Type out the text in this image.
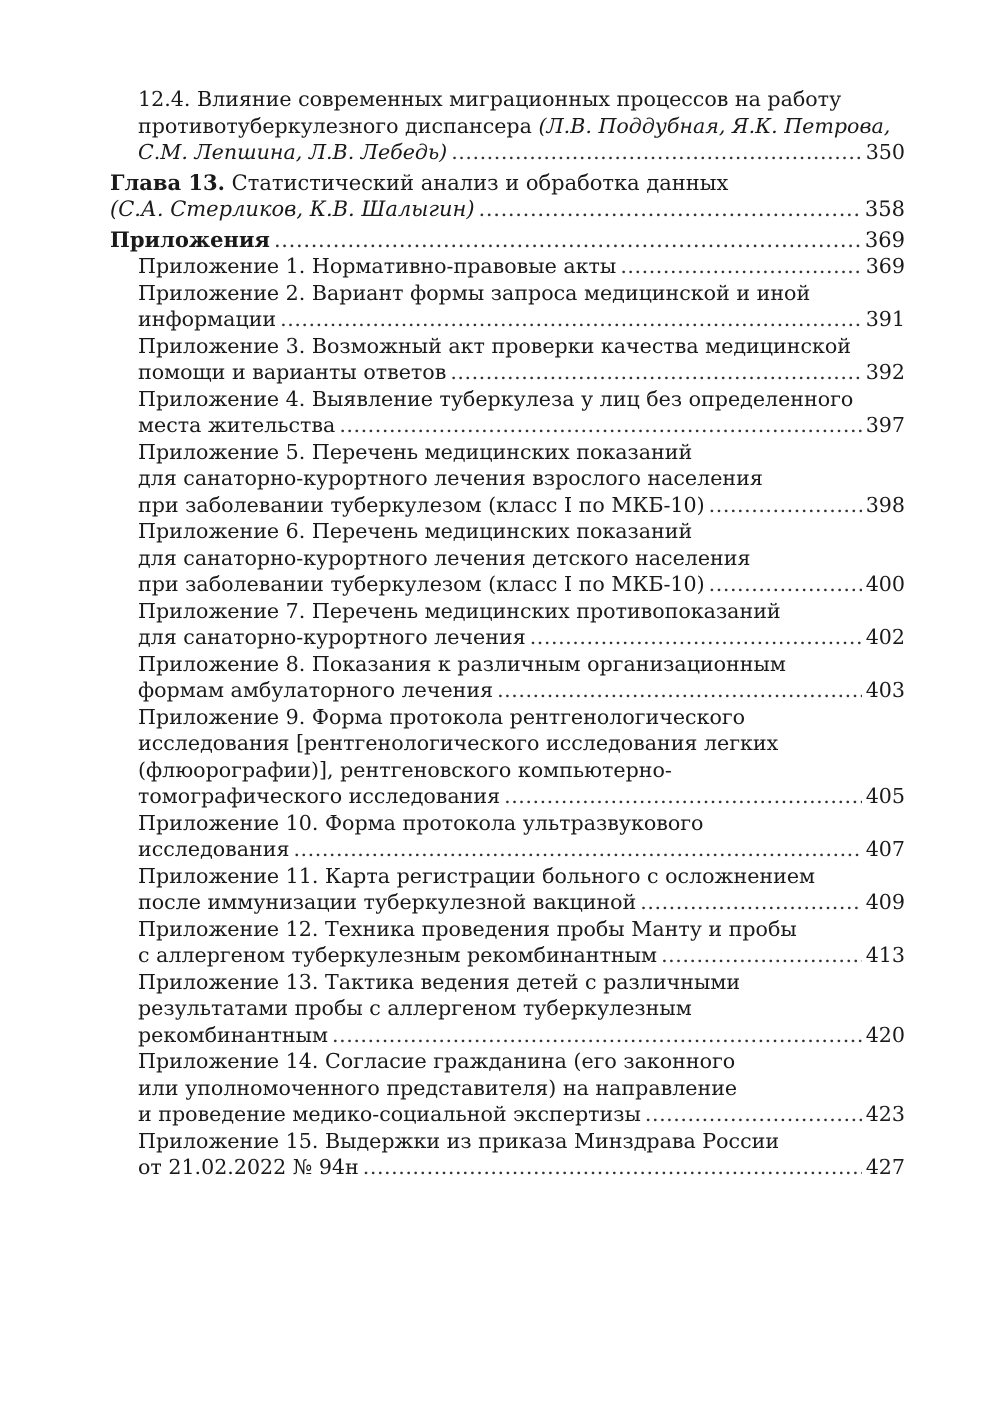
12.4. Влияние современных миграционных процессов на работу
противотуберкулезного диспансера (Л.В. Поддубная, Я.К. Петрова,
С.М. Лепшина, Л.В. Лебедь) . . .	350
Глава 13. Статистический анализ и обработка данных
(С.А. Стерликов, К.В. Шалыгин) . . .	358
Приложения . . .	369
Приложение 1. Нормативно-правовые акты . . .	369
Приложение 2. Вариант формы запроса медицинской и иной
информации . . .	391
Приложение 3. Возможный акт проверки качества медицинской
помощи и варианты ответов . . .	392
Приложение 4. Выявление туберкулеза у лиц без определенного
места жительства . . .	397
Приложение 5. Перечень медицинских показаний
для санаторно-курортного лечения взрослого населения
при заболевании туберкулезом (класс I по МКБ-10) . . .	398
Приложение 6. Перечень медицинских показаний
для санаторно-курортного лечения детского населения
при заболевании туберкулезом (класс I по МКБ-10) . . .	400
Приложение 7. Перечень медицинских противопоказаний
для санаторно-курортного лечения . . .	402
Приложение 8. Показания к различным организационным
формам амбулаторного лечения . . .	403
Приложение 9. Форма протокола рентгенологического
исследования [рентгенологического исследования легких
(флюорографии)], рентгеновского компьютерно-
томографического исследования . . .	405
Приложение 10. Форма протокола ультразвукового
исследования . . .	407
Приложение 11. Карта регистрации больного с осложнением
после иммунизации туберкулезной вакциной . . .	409
Приложение 12. Техника проведения пробы Манту и пробы
с аллергеном туберкулезным рекомбинантным . . .	413
Приложение 13. Тактика ведения детей с различными
результатами пробы с аллергеном туберкулезным
рекомбинантным . . .	420
Приложение 14. Согласие гражданина (его законного
или уполномоченного представителя) на направление
и проведение медико-социальной экспертизы . . .	423
Приложение 15. Выдержки из приказа Минздрава России
от 21.02.2022 № 94н . . .	427
